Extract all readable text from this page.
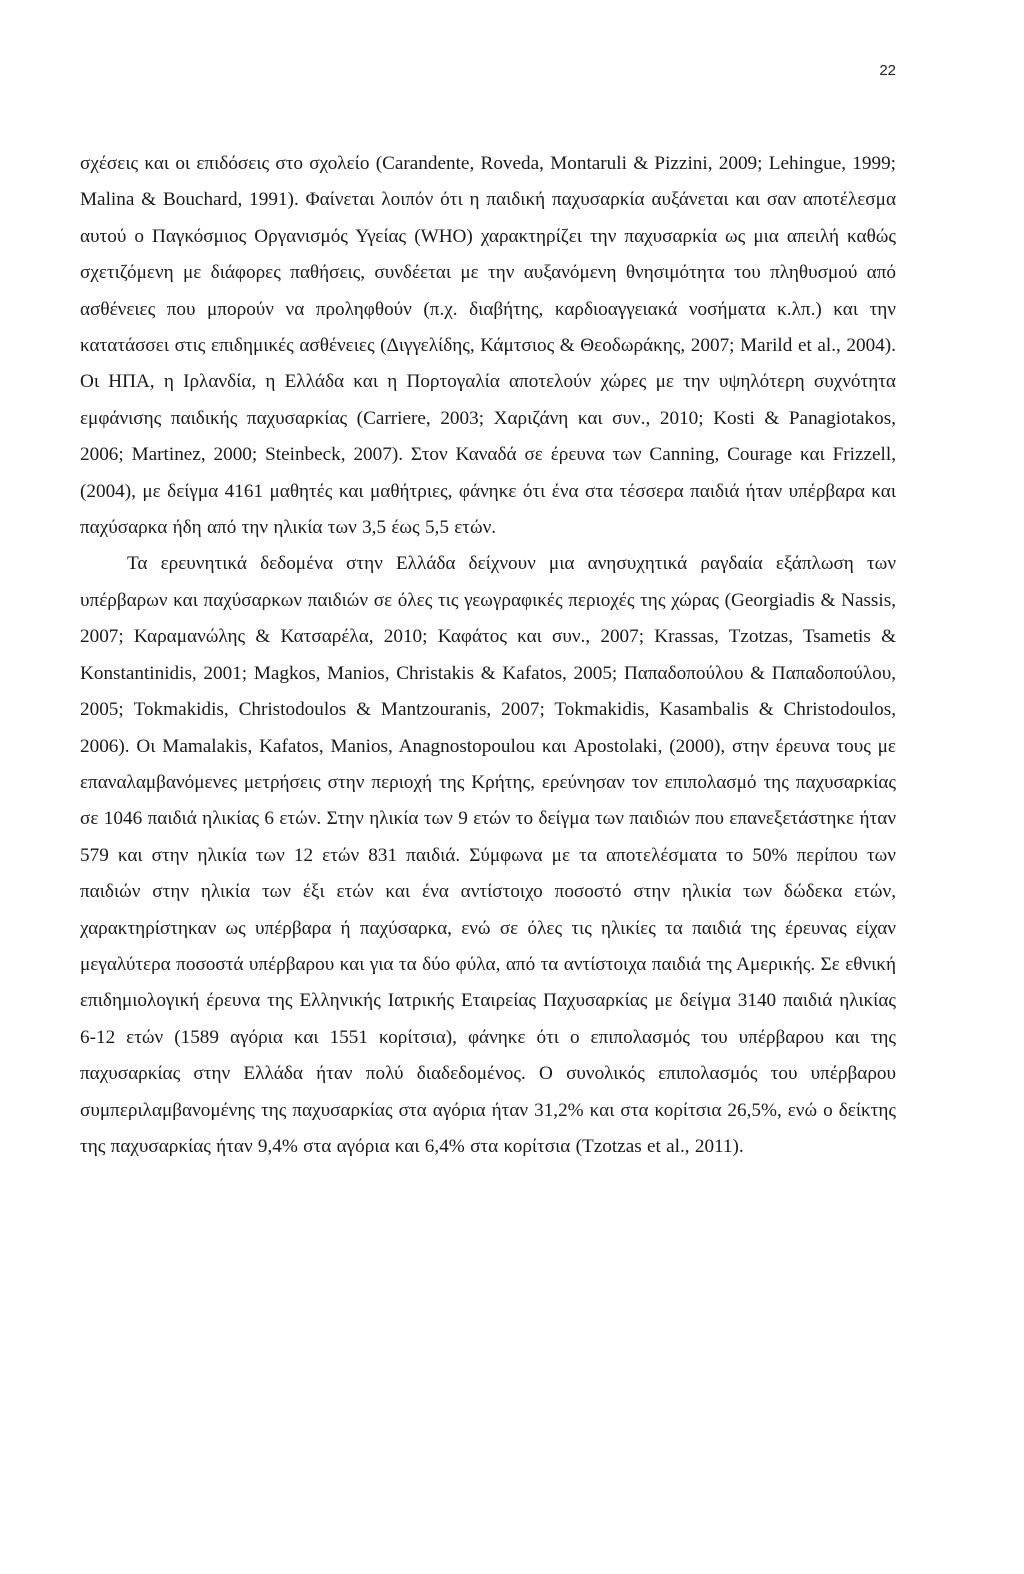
22

σχέσεις και οι επιδόσεις στο σχολείο (Carandente, Roveda, Montaruli & Pizzini, 2009; Lehingue, 1999; Malina & Bouchard, 1991). Φαίνεται λοιπόν ότι η παιδική παχυσαρκία αυξάνεται και σαν αποτέλεσμα αυτού ο Παγκόσμιος Οργανισμός Υγείας (WHO) χαρακτηρίζει την παχυσαρκία ως μια απειλή καθώς σχετιζόμενη με διάφορες παθήσεις, συνδέεται με την αυξανόμενη θνησιμότητα του πληθυσμού από ασθένειες που μπορούν να προληφθούν (π.χ. διαβήτης, καρδιοαγγειακά νοσήματα κ.λπ.) και την κατατάσσει στις επιδημικές ασθένειες (Διγγελίδης, Κάμτσιος & Θεοδωράκης, 2007; Marild et al., 2004). Οι ΗΠΑ, η Ιρλανδία, η Ελλάδα και η Πορτογαλία αποτελούν χώρες με την υψηλότερη συχνότητα εμφάνισης παιδικής παχυσαρκίας (Carriere, 2003; Χαριζάνη και συν., 2010; Kosti & Panagiotakos, 2006; Martinez, 2000; Steinbeck, 2007). Στον Καναδά σε έρευνα των Canning, Courage και Frizzell, (2004), με δείγμα 4161 μαθητές και μαθήτριες, φάνηκε ότι ένα στα τέσσερα παιδιά ήταν υπέρβαρα και παχύσαρκα ήδη από την ηλικία των 3,5 έως 5,5 ετών.

Τα ερευνητικά δεδομένα στην Ελλάδα δείχνουν μια ανησυχητικά ραγδαία εξάπλωση των υπέρβαρων και παχύσαρκων παιδιών σε όλες τις γεωγραφικές περιοχές της χώρας (Georgiadis & Nassis, 2007; Καραμανώλης & Κατσαρέλα, 2010; Καφάτος και συν., 2007; Krassas, Tzotzas, Tsametis & Konstantinidis, 2001; Magkos, Manios, Christakis & Kafatos, 2005; Παπαδοπούλου & Παπαδοπούλου, 2005; Tokmakidis, Christodoulos & Mantzouranis, 2007; Tokmakidis, Kasambalis & Christodoulos, 2006). Οι Mamalakis, Kafatos, Manios, Anagnostopoulou και Apostolaki, (2000), στην έρευνα τους με επαναλαμβανόμενες μετρήσεις στην περιοχή της Κρήτης, ερεύνησαν τον επιπολασμό της παχυσαρκίας σε 1046 παιδιά ηλικίας 6 ετών. Στην ηλικία των 9 ετών το δείγμα των παιδιών που επανεξετάστηκε ήταν 579 και στην ηλικία των 12 ετών 831 παιδιά. Σύμφωνα με τα αποτελέσματα το 50% περίπου των παιδιών στην ηλικία των έξι ετών και ένα αντίστοιχο ποσοστό στην ηλικία των δώδεκα ετών, χαρακτηρίστηκαν ως υπέρβαρα ή παχύσαρκα, ενώ σε όλες τις ηλικίες τα παιδιά της έρευνας είχαν μεγαλύτερα ποσοστά υπέρβαρου και για τα δύο φύλα, από τα αντίστοιχα παιδιά της Αμερικής. Σε εθνική επιδημιολογική έρευνα της Ελληνικής Ιατρικής Εταιρείας Παχυσαρκίας με δείγμα 3140 παιδιά ηλικίας 6-12 ετών (1589 αγόρια και 1551 κορίτσια), φάνηκε ότι ο επιπολασμός του υπέρβαρου και της παχυσαρκίας στην Ελλάδα ήταν πολύ διαδεδομένος. Ο συνολικός επιπολασμός του υπέρβαρου συμπεριλαμβανομένης της παχυσαρκίας στα αγόρια ήταν 31,2% και στα κορίτσια 26,5%, ενώ ο δείκτης της παχυσαρκίας ήταν 9,4% στα αγόρια και 6,4% στα κορίτσια (Tzotzas et al., 2011).
